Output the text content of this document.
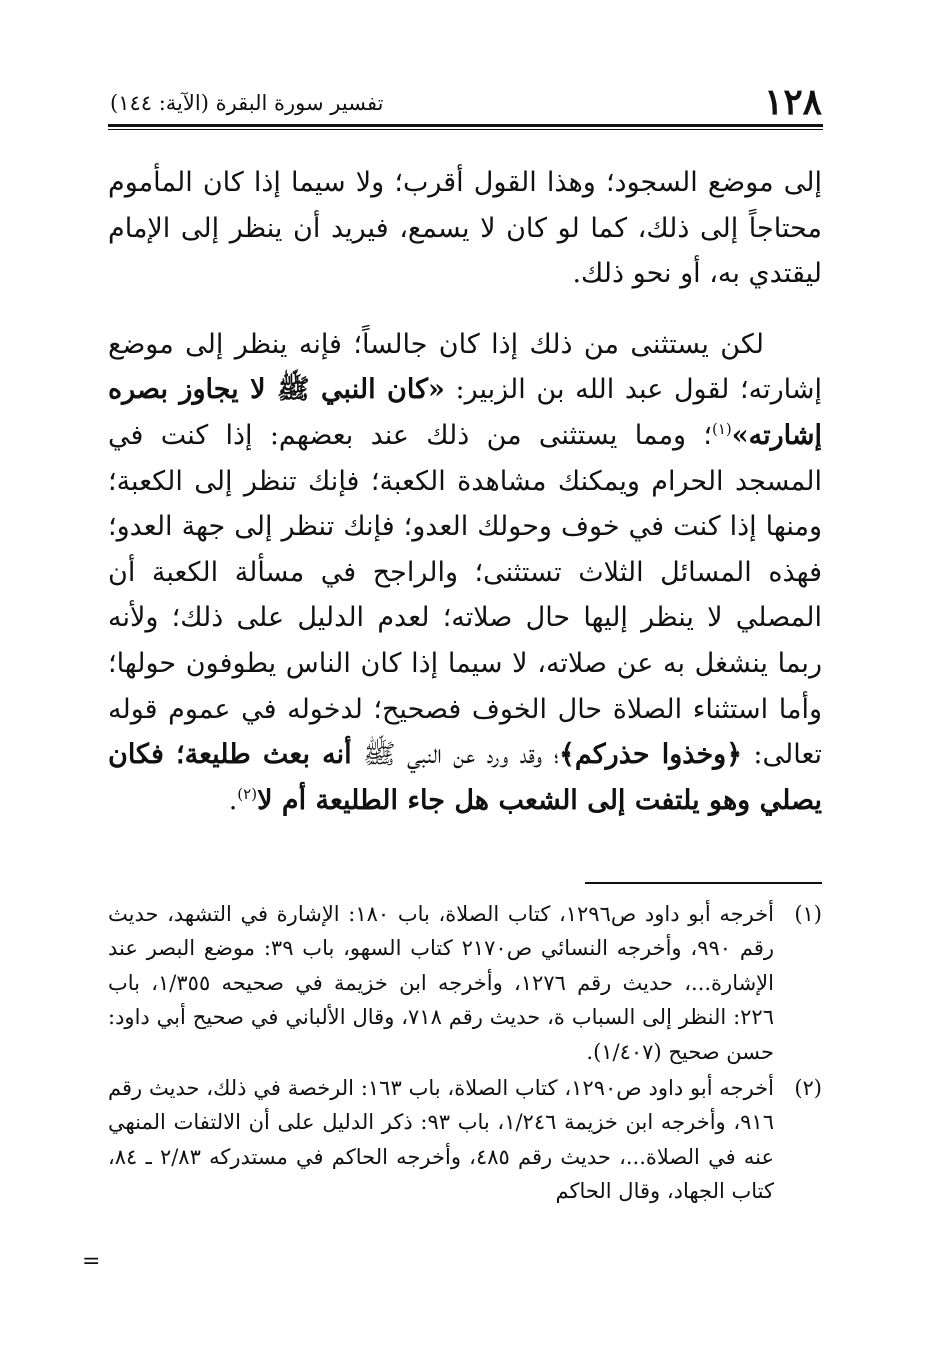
١٢٨
تفسير سورة البقرة (الآية: ١٤٤)

إلى موضع السجود؛ وهذا القول أقرب؛ ولا سيما إذا كان المأموم محتاجاً إلى ذلك، كما لو كان لا يسمع، فيريد أن ينظر إلى الإمام ليقتدي به، أو نحو ذلك.

لكن يستثنى من ذلك إذا كان جالساً؛ فإنه ينظر إلى موضع إشارته؛ لقول عبد الله بن الزبير: «كان النبي ﷺ لا يجاوز بصره إشارته»$^{(١)}$؛ ومما يستثنى من ذلك عند بعضهم: إذا كنت في المسجد الحرام ويمكنك مشاهدة الكعبة؛ فإنك تنظر إلى الكعبة؛ ومنها إذا كنت في خوف وحولك العدو؛ فإنك تنظر إلى جهة العدو؛ فهذه المسائل الثلاث تستثنى؛ والراجح في مسألة الكعبة أن المصلي لا ينظر إليها حال صلاته؛ لعدم الدليل على ذلك؛ ولأنه ربما ينشغل به عن صلاته، لا سيما إذا كان الناس يطوفون حولها؛ وأما استثناء الصلاة حال الخوف فصحيح؛ لدخوله في عموم قوله تعالى: ﴿وخذوا حذركم﴾؛ وقد ورد عن النبي ﷺ أنه بعث طليعة؛ فكان يصلي وهو يلتفت إلى الشعب هل جاء الطليعة أم لا$^{(٢)}$.

(١)
أخرجه أبو داود ص١٢٩٦، كتاب الصلاة، باب ١٨٠: الإشارة في التشهد، حديث رقم ٩٩٠، وأخرجه النسائي ص٢١٧٠ كتاب السهو، باب ٣٩: موضع البصر عند الإشارة...، حديث رقم ١٢٧٦، وأخرجه ابن خزيمة في صحيحه ١/٣٥٥، باب ٢٢٦: النظر إلى السباب ة، حديث رقم ٧١٨، وقال الألباني في صحيح أبي داود: حسن صحيح (١/٤٠٧).
(٢)
أخرجه أبو داود ص١٢٩٠، كتاب الصلاة، باب ١٦٣: الرخصة في ذلك، حديث رقم ٩١٦، وأخرجه ابن خزيمة ١/٢٤٦، باب ٩٣: ذكر الدليل على أن الالتفات المنهي عنه في الصلاة...، حديث رقم ٤٨٥، وأخرجه الحاكم في مستدركه ٢/٨٣ ـ ٨٤، كتاب الجهاد، وقال الحاكم
=
